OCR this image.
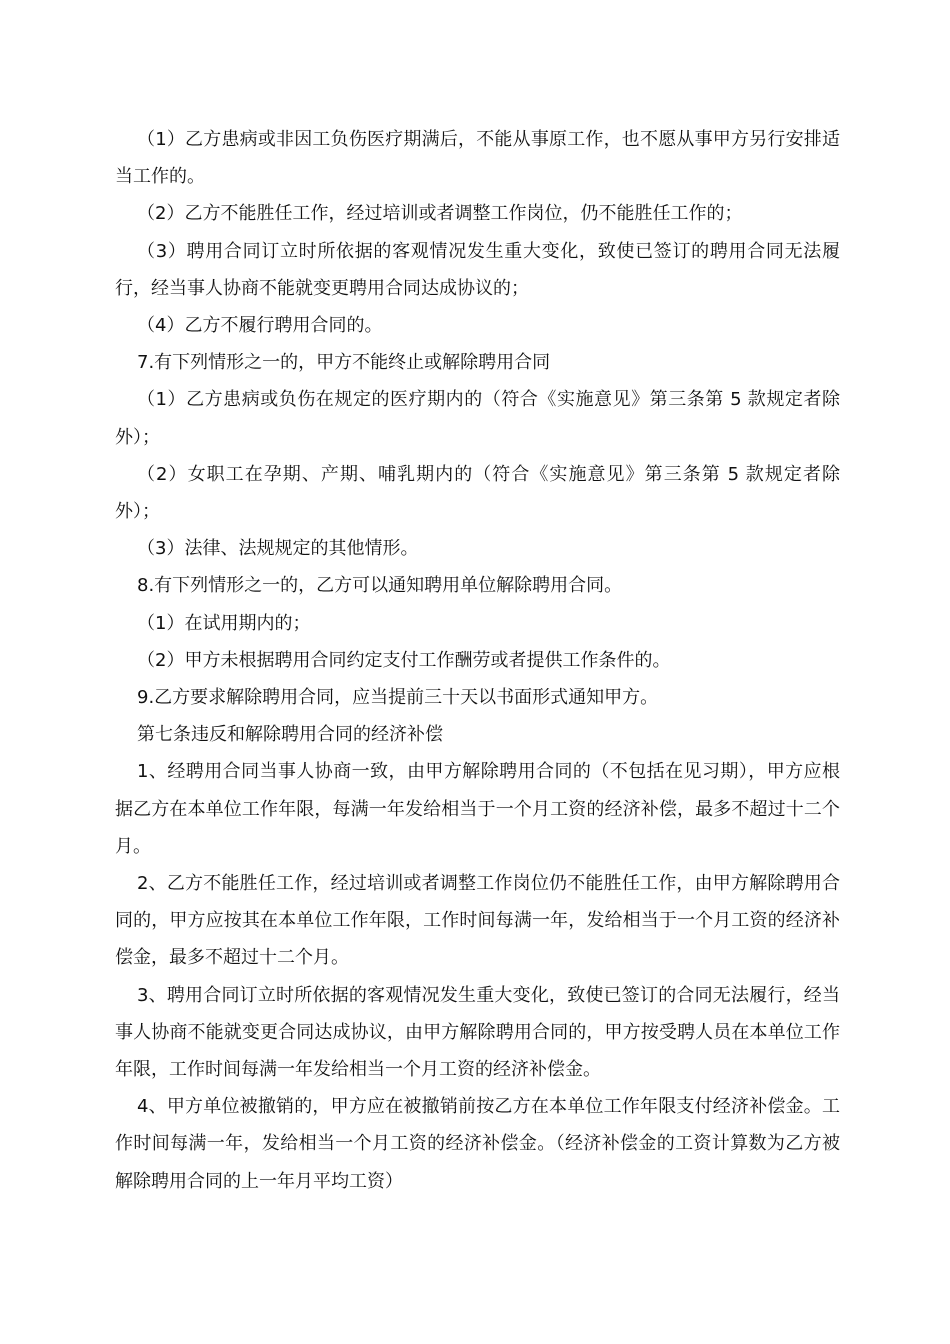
（1）乙方患病或非因工负伤医疗期满后，不能从事原工作，也不愿从事甲方另行安排适当工作的。

（2）乙方不能胜任工作，经过培训或者调整工作岗位，仍不能胜任工作的；

（3）聘用合同订立时所依据的客观情况发生重大变化，致使已签订的聘用合同无法履行，经当事人协商不能就变更聘用合同达成协议的；

（4）乙方不履行聘用合同的。

7.有下列情形之一的，甲方不能终止或解除聘用合同

（1）乙方患病或负伤在规定的医疗期内的（符合《实施意见》第三条第 5 款规定者除外）；

（2）女职工在孕期、产期、哺乳期内的（符合《实施意见》第三条第 5 款规定者除外）；

（3）法律、法规规定的其他情形。

8.有下列情形之一的，乙方可以通知聘用单位解除聘用合同。

（1）在试用期内的；

（2）甲方未根据聘用合同约定支付工作酬劳或者提供工作条件的。

9.乙方要求解除聘用合同，应当提前三十天以书面形式通知甲方。

第七条违反和解除聘用合同的经济补偿

1、经聘用合同当事人协商一致，由甲方解除聘用合同的（不包括在见习期），甲方应根据乙方在本单位工作年限，每满一年发给相当于一个月工资的经济补偿，最多不超过十二个月。

2、乙方不能胜任工作，经过培训或者调整工作岗位仍不能胜任工作，由甲方解除聘用合同的，甲方应按其在本单位工作年限，工作时间每满一年，发给相当于一个月工资的经济补偿金，最多不超过十二个月。

3、聘用合同订立时所依据的客观情况发生重大变化，致使已签订的合同无法履行，经当事人协商不能就变更合同达成协议，由甲方解除聘用合同的，甲方按受聘人员在本单位工作年限，工作时间每满一年发给相当一个月工资的经济补偿金。

4、甲方单位被撤销的，甲方应在被撤销前按乙方在本单位工作年限支付经济补偿金。工作时间每满一年，发给相当一个月工资的经济补偿金。（经济补偿金的工资计算数为乙方被解除聘用合同的上一年月平均工资）
